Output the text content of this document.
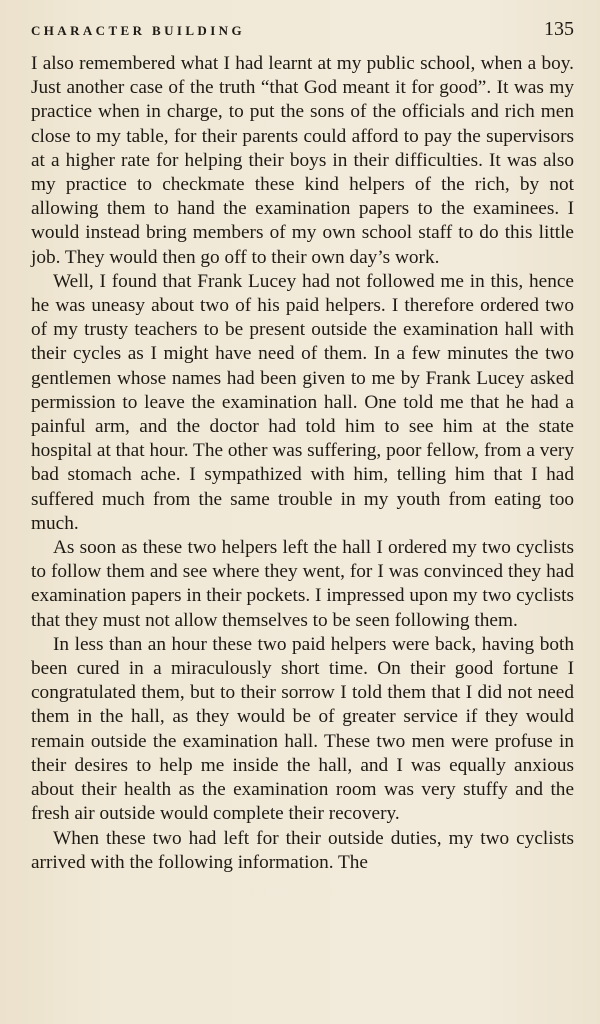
CHARACTER BUILDING	135

I also remembered what I had learnt at my public school, when a boy. Just another case of the truth “that God meant it for good”. It was my practice when in charge, to put the sons of the officials and rich men close to my table, for their parents could afford to pay the supervisors at a higher rate for helping their boys in their difficulties. It was also my practice to checkmate these kind helpers of the rich, by not allowing them to hand the examination papers to the examinees. I would instead bring members of my own school staff to do this little job. They would then go off to their own day’s work.

Well, I found that Frank Lucey had not followed me in this, hence he was uneasy about two of his paid helpers. I therefore ordered two of my trusty teachers to be present outside the examination hall with their cycles as I might have need of them. In a few minutes the two gentlemen whose names had been given to me by Frank Lucey asked permission to leave the examination hall. One told me that he had a painful arm, and the doctor had told him to see him at the state hospital at that hour. The other was suffering, poor fellow, from a very bad stomach ache. I sympathized with him, telling him that I had suffered much from the same trouble in my youth from eating too much.

As soon as these two helpers left the hall I ordered my two cyclists to follow them and see where they went, for I was convinced they had examination papers in their pockets. I impressed upon my two cyclists that they must not allow themselves to be seen following them.

In less than an hour these two paid helpers were back, having both been cured in a miraculously short time. On their good fortune I congratulated them, but to their sorrow I told them that I did not need them in the hall, as they would be of greater service if they would remain outside the examination hall. These two men were profuse in their desires to help me inside the hall, and I was equally anxious about their health as the examination room was very stuffy and the fresh air outside would complete their recovery.

When these two had left for their outside duties, my two cyclists arrived with the following information. The
